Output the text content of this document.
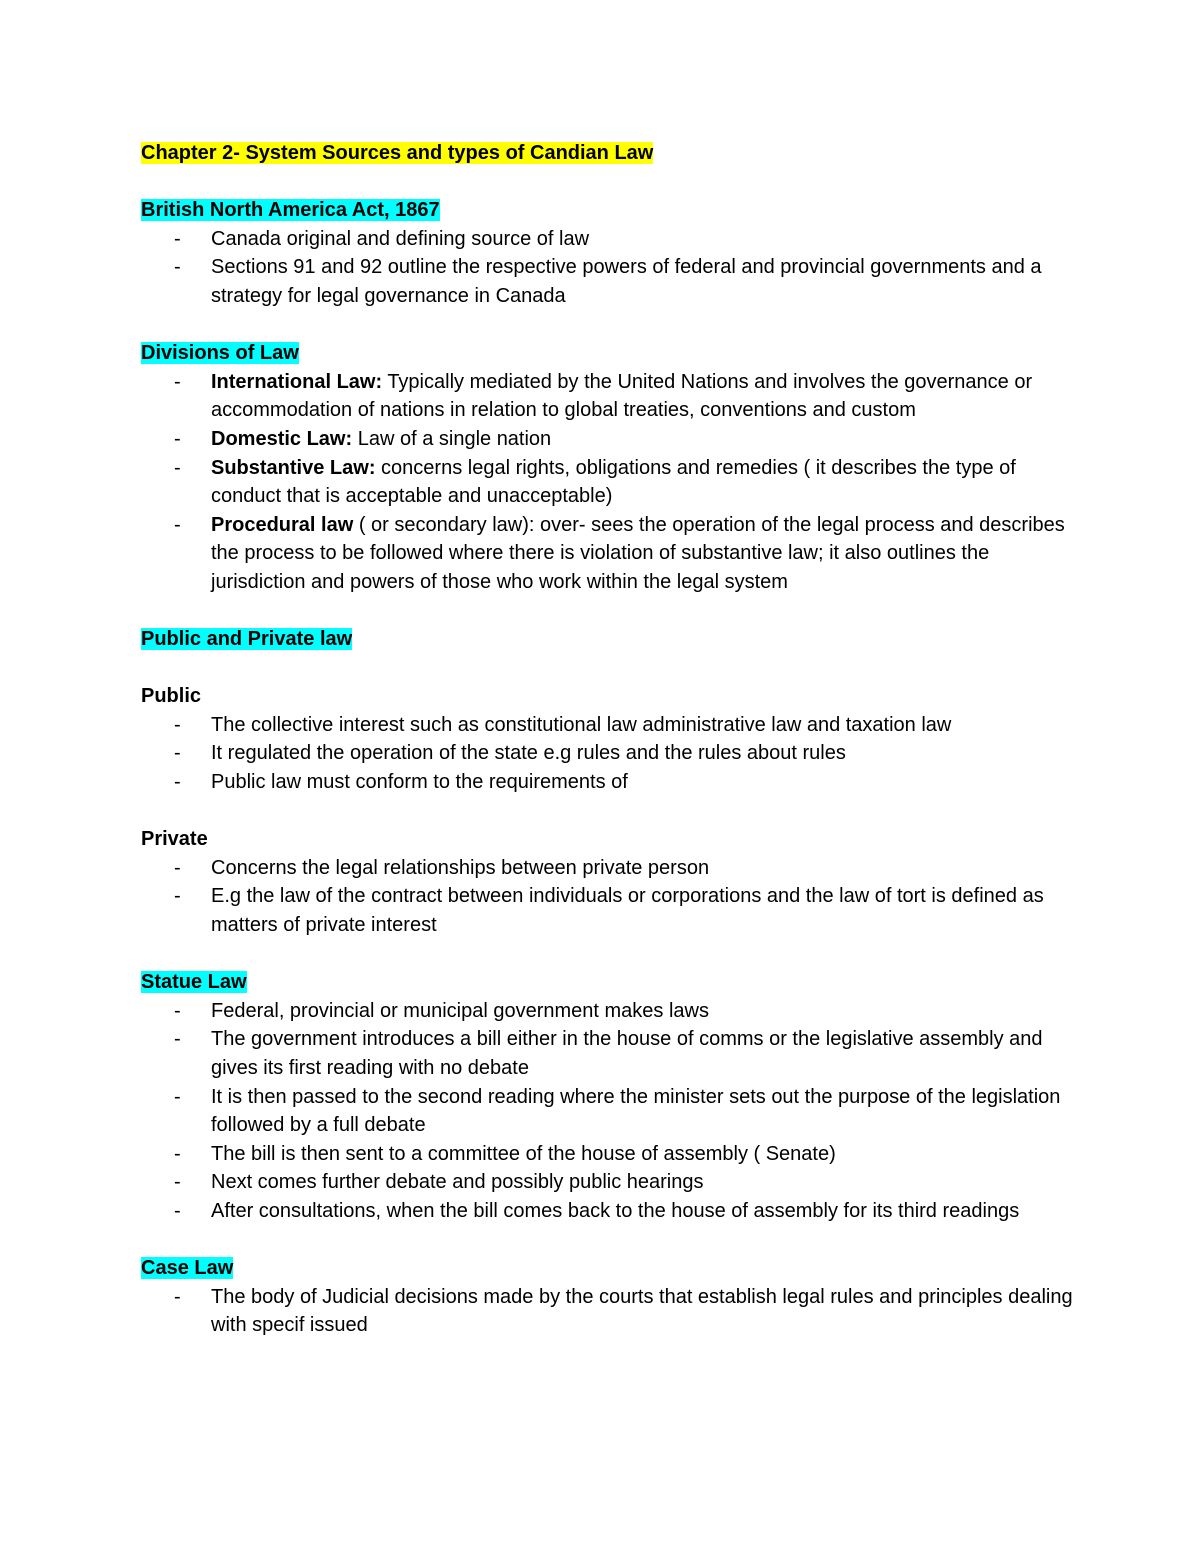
Chapter 2- System Sources and types of Candian Law

British North America Act, 1867

- Canada original and defining source of law
- Sections 91 and 92 outline the respective powers of federal and provincial governments and a strategy for legal governance in Canada

Divisions of Law

- International Law: Typically mediated by the United Nations and involves the governance or accommodation of nations in relation to global treaties, conventions and custom
- Domestic Law: Law of a single nation
- Substantive Law: concerns legal rights, obligations and remedies ( it describes the type of conduct that is acceptable and unacceptable)
- Procedural law ( or secondary law): over- sees the operation of the legal process and describes the process to be followed where there is violation of substantive law; it also outlines the jurisdiction and powers of those who work within the legal system

Public and Private law

Public

- The collective interest such as constitutional law administrative law and taxation law
- It regulated the operation of the state e.g rules and the rules about rules
- Public law must conform to the requirements of

Private

- Concerns the legal relationships between private person
- E.g the law of the contract between individuals or corporations and the law of tort is defined as matters of private interest

Statue Law

- Federal, provincial or municipal government makes laws
- The government introduces a bill either in the house of comms or the legislative assembly and gives its first reading with no debate
- It is then passed to the second reading where the minister sets out the purpose of the legislation followed by a full debate
- The bill is then sent to a committee of the house of assembly ( Senate)
- Next comes further debate and possibly public hearings
- After consultations, when the bill comes back to the house of assembly for its third readings

Case Law

- The body of Judicial decisions made by the courts that establish legal rules and principles dealing with specif issued
